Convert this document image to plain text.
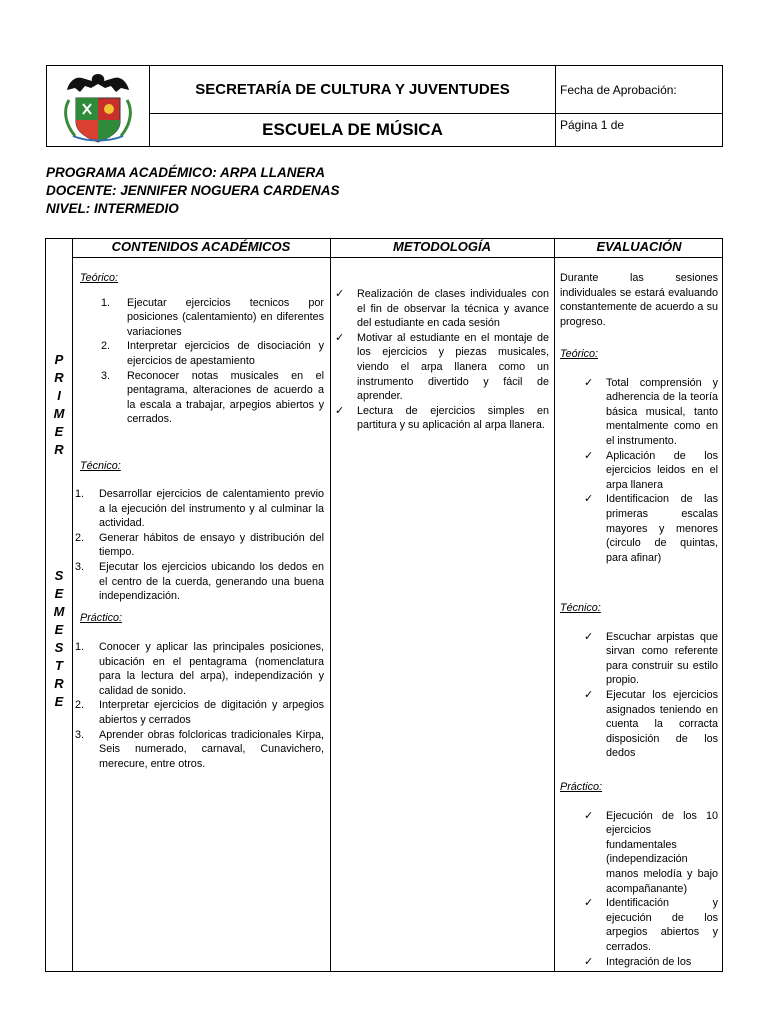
SECRETARÍA DE CULTURA Y JUVENTUDES
ESCUELA DE MÚSICA
Fecha de Aprobación:
Página 1 de
PROGRAMA ACADÉMICO: ARPA LLANERA
DOCENTE: JENNIFER NOGUERA CARDENAS
NIVEL: INTERMEDIO
CONTENIDOS ACADÉMICOS	METODOLOGÍA	EVALUACIÓN
P
R
I
M
E
R
S
E
M
E
S
T
R
E
Teórico:
1. Ejecutar ejercicios tecnicos por posiciones (calentamiento) en diferentes variaciones
2. Interpretar ejercicios de disociación y ejercicios de apestamiento
3. Reconocer notas musicales en el pentagrama, alteraciones de acuerdo a la escala a trabajar, arpegios abiertos y cerrados.
Técnico:
1. Desarrollar ejercicios de calentamiento previo a la ejecución del instrumento y al culminar la actividad.
2. Generar hábitos de ensayo y distribución del tiempo.
3. Ejecutar los ejercicios ubicando los dedos en el centro de la cuerda, generando una buena independización.
Práctico:
1. Conocer y aplicar las principales posiciones, ubicación en el pentagrama (nomenclatura para la lectura del arpa), independización y calidad de sonido.
2. Interpretar ejercicios de digitación y arpegios abiertos y cerrados
3. Aprender obras folcloricas tradicionales Kirpa, Seis numerado, carnaval, Cunavichero, merecure, entre otros.
✓ Realización de clases individuales con el fin de observar la técnica y avance del estudiante en cada sesión
✓ Motivar al estudiante en el montaje de los ejercicios y piezas musicales, viendo el arpa llanera como un instrumento divertido y fácil de aprender.
✓ Lectura de ejercicios simples en partitura y su aplicación al arpa llanera.
Durante las sesiones individuales se estará evaluando constantemente de acuerdo a su progreso.
Teórico:
✓ Total comprensión y adherencia de la teoría básica musical, tanto mentalmente como en el instrumento.
✓ Aplicación de los ejercicios leidos en el arpa llanera
✓ Identificacion de las primeras escalas mayores y menores (circulo de quintas, para afinar)
Técnico:
✓ Escuchar arpistas que sirvan como referente para construir su estilo propio.
✓ Ejecutar los ejercicios asignados teniendo en cuenta la corracta disposición de los dedos
Práctico:
✓ Ejecución de los 10 ejercicios fundamentales (independización manos melodía y bajo acompañanante)
✓ Identificación y ejecución de los arpegios abiertos y cerrados.
✓ Integración de los
